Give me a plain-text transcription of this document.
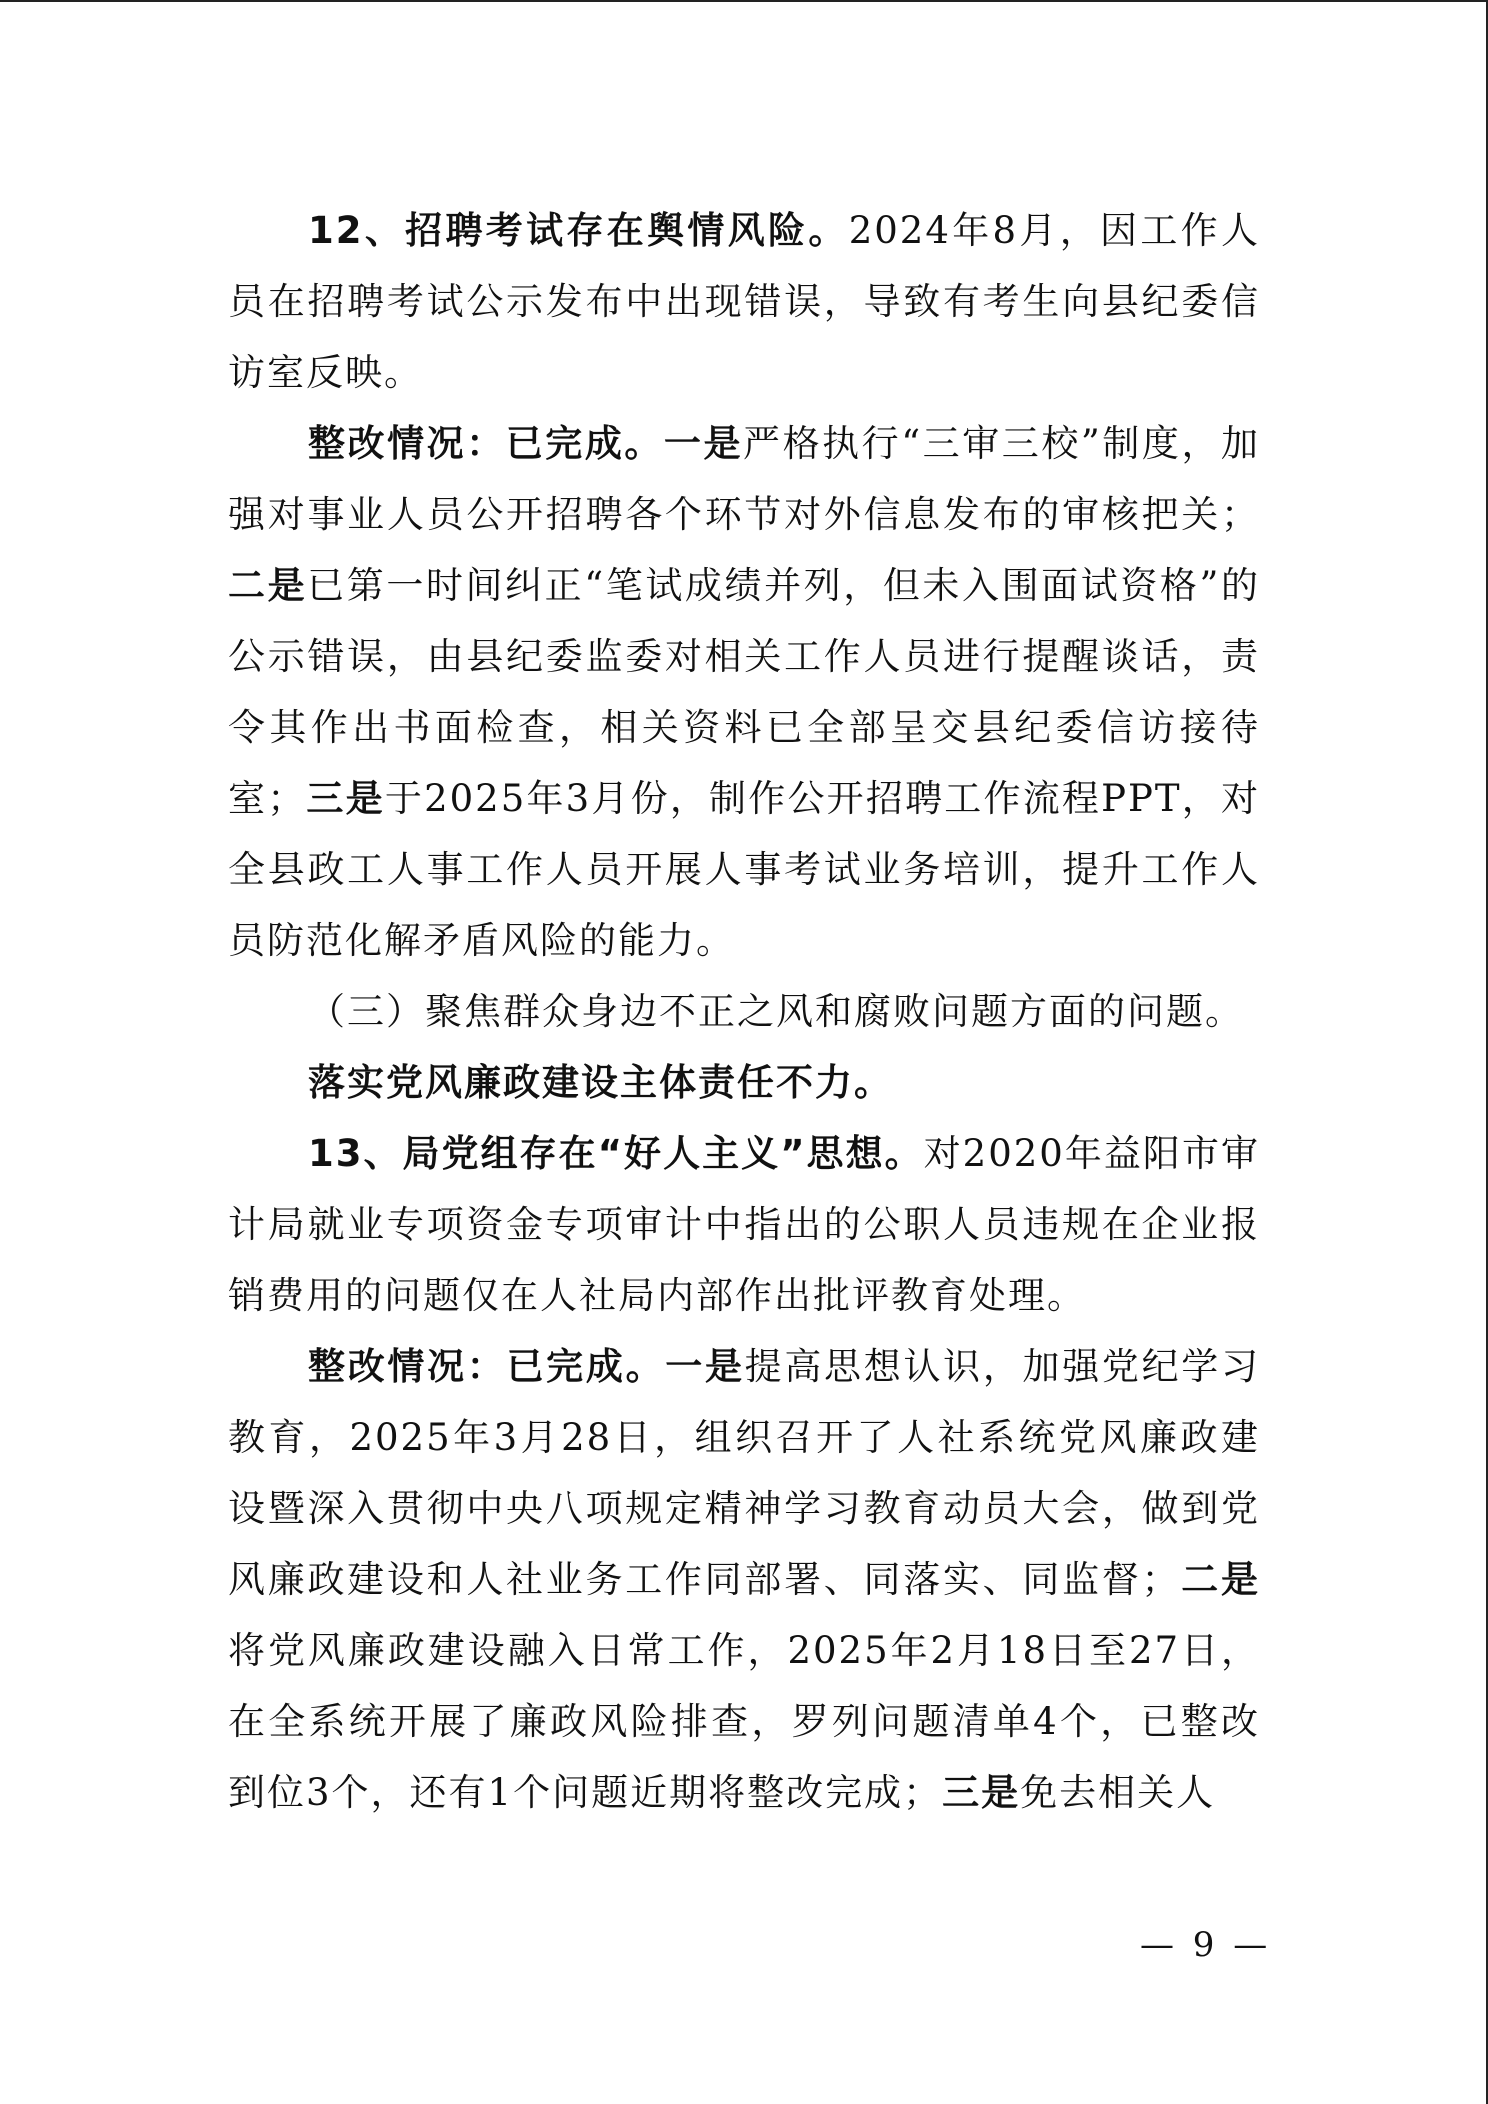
12、招聘考试存在舆情风险。2024年8月，因工作人员在招聘考试公示发布中出现错误，导致有考生向县纪委信访室反映。

整改情况：已完成。一是严格执行“三审三校”制度，加强对事业人员公开招聘各个环节对外信息发布的审核把关；二是已第一时间纠正“笔试成绩并列，但未入围面试资格”的公示错误，由县纪委监委对相关工作人员进行提醒谈话，责令其作出书面检查，相关资料已全部呈交县纪委信访接待室；三是于2025年3月份，制作公开招聘工作流程PPT，对全县政工人事工作人员开展人事考试业务培训，提升工作人员防范化解矛盾风险的能力。

（三）聚焦群众身边不正之风和腐败问题方面的问题。

落实党风廉政建设主体责任不力。

13、局党组存在“好人主义”思想。对2020年益阳市审计局就业专项资金专项审计中指出的公职人员违规在企业报销费用的问题仅在人社局内部作出批评教育处理。

整改情况：已完成。一是提高思想认识，加强党纪学习教育，2025年3月28日，组织召开了人社系统党风廉政建设暨深入贯彻中央八项规定精神学习教育动员大会，做到党风廉政建设和人社业务工作同部署、同落实、同监督；二是将党风廉政建设融入日常工作，2025年2月18日至27日，在全系统开展了廉政风险排查，罗列问题清单4个，已整改到位3个，还有1个问题近期将整改完成；三是免去相关人

— 9 —
